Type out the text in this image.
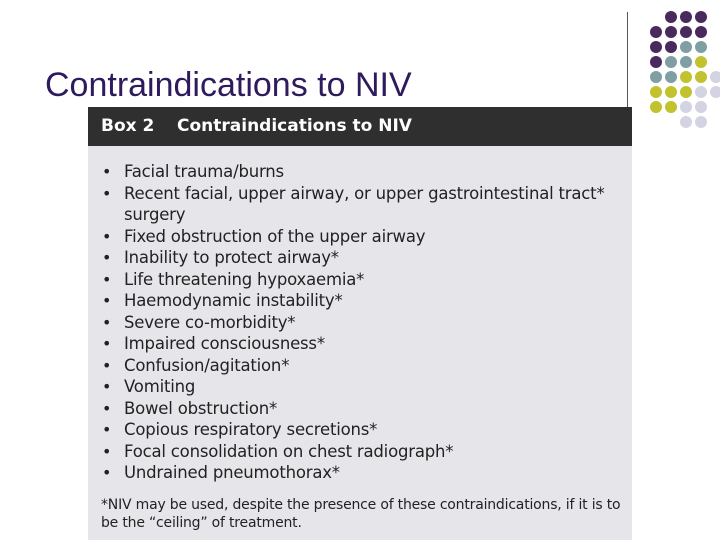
Contraindications to NIV
Box 2 Contraindications to NIV
• Facial trauma/burns
• Recent facial, upper airway, or upper gastrointestinal tract* surgery
• Fixed obstruction of the upper airway
• Inability to protect airway*
• Life threatening hypoxaemia*
• Haemodynamic instability*
• Severe co-morbidity*
• Impaired consciousness*
• Confusion/agitation*
• Vomiting
• Bowel obstruction*
• Copious respiratory secretions*
• Focal consolidation on chest radiograph*
• Undrained pneumothorax*
*NIV may be used, despite the presence of these contraindications, if it is to be the “ceiling” of treatment.
